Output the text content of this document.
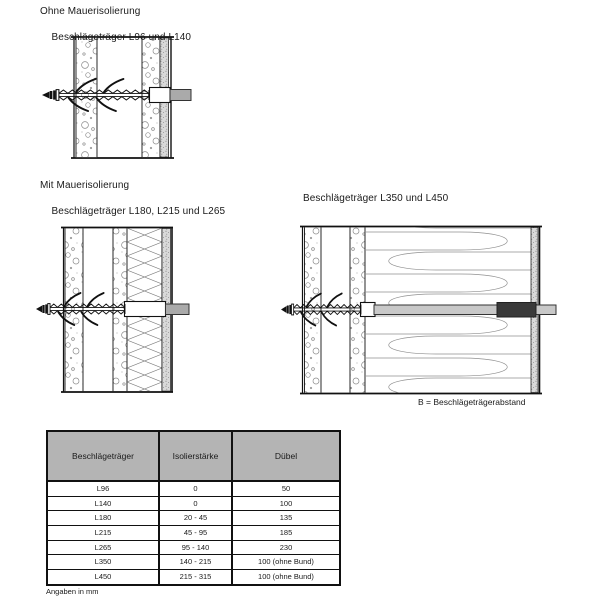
Ohne Mauerisolierung

Beschlägeträger L96 und L140
Mit Mauerisolierung

Beschlägeträger L180, L215 und L265
Beschlägeträger L350 und L450
B = Beschlägeträgerabstand
Beschlägeträger	Isolierstärke	Dübel
L96	0	50
L140	0	100
L180	20 - 45	135
L215	45 - 95	185
L265	95 - 140	230
L350	140 - 215	100 (ohne Bund)
L450	215 - 315	100 (ohne Bund)
Angaben in mm
